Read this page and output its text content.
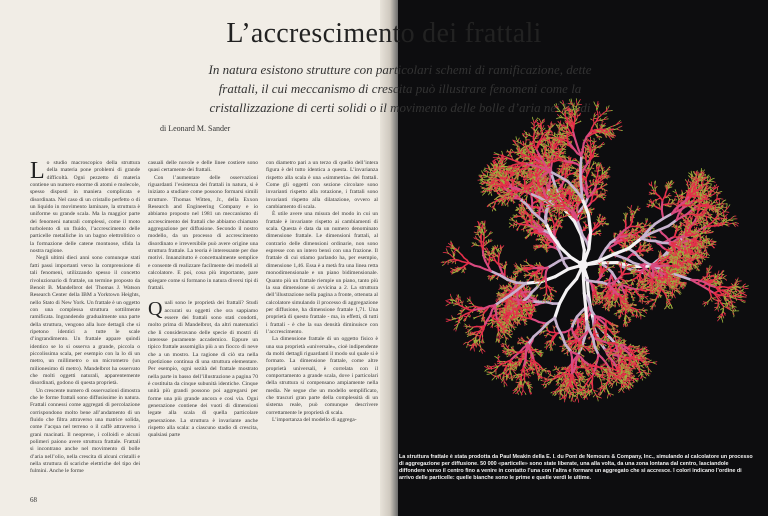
L’accrescimento dei frattali
In natura esistono strutture con particolari schemi di ramificazione, dette
frattali, il cui meccanismo di crescita può illustrare fenomeni come la
cristallizzazione di certi solidi o il movimento delle bolle d’aria nei fluidi
di Leonard M. Sander

Lo studio macroscopico della struttura della materia pone problemi di grande difficoltà. Ogni pezzetto di materia contiene un numero enorme di atomi e molecole, spesso disposti in maniera complicata e disordinata. Nel caso di un cristallo perfetto o di un liquido in movimento laminare, la struttura è uniforme su grande scala. Ma la maggior parte dei fenomeni naturali complessi, come il moto turbolento di un fluido, l’accrescimento delle particelle metalliche in un bagno elettrolitico o la formazione delle catene montuose, sfida la nostra ragione.

Negli ultimi dieci anni sono comunque stati fatti passi importanti verso la comprensione di tali fenomeni, utilizzando spesso il concetto rivoluzionario di frattale, un termine proposto da Benoit B. Mandelbrot del Thomas J. Watson Research Center della IBM a Yorktown Heights, nello Stato di New York. Un frattale è un oggetto con una complessa struttura sottilmente ramificata. Ingrandendo gradualmente una parte della struttura, vengono alla luce dettagli che si ripetono identici a tutte le scale d’ingrandimento. Un frattale appare quindi identico se lo si osserva a grande, piccola o piccolissima scala, per esempio con la lo di un metro, un millimetro o un micrometro (un milionesimo di metro). Mandelbrot ha osservato che molti oggetti naturali, apparentemente disordinati, godono di questa proprietà.

Un crescente numero di osservazioni dimostra che le forme frattali sono diffusissime in natura. Frattali connessi come aggregati di percolazione corrispondono molto bene all’andamento di un fluido che filtra attraverso una matrice solida, come l’acqua nel terreno o il caffè attraverso i grani macinati. Il neoprene, i colloidi e alcuni polimeri paiono avere struttura frattale. Frattali si incontrano anche nel movimento di bolle d’aria nell’olio, nella crescita di alcuni cristalli e nella struttura di scariche elettriche del tipo dei fulmini. Anche le forme

casuali delle nuvole e delle linee costiere sono quasi certamente dei frattali.

Con l’aumentare delle osservazioni riguardanti l’esistenza dei frattali in natura, si è iniziato a studiare come possono formarsi simili strutture. Thomas Witten, Jr., della Exxon Research and Engineering Company e io abbiamo proposto nel 1981 un meccanismo di accrescimento dei frattali che abbiamo chiamato aggregazione per diffusione. Secondo il nostro modello, da un processo di accrescimento disordinato e irreversibile può avere origine una struttura frattale. La teoria è interessante per due motivi. Innanzitutto è concettualmente semplice e consente di realizzare facilmente dei modelli al calcolatore. E poi, cosa più importante, pare spiegare come si formano in natura diversi tipi di frattali.

Quali sono le proprietà dei frattali? Studi accurati su oggetti che ora sappiamo essere dei frattali sono stati condotti, molto prima di Mandelbrot, da altri matematici che li consideravano delle specie di mostri di interesse puramente accademico. Eppure un tipico frattale assomiglia più a un fiocco di neve che a un mostro. La ragione di ciò sta nella ripetizione continua di una struttura elementare. Per esempio, ogni sezità del frattale mostrato nella parte in basso dell’illustrazione a pagina 70 è costituita da cinque subunità identiche. Cinque unità più grandi possono poi aggregarsi per forme una più grande ancora e così via. Ogni generazione contiene dei vuoti di dimensioni legate alla scala di quella particolare generazione. La struttura è invariante anche rispetto alla scala: a ciascuno stadio di crescita, qualsiasi parte

con diametro pari a un terzo di quello dell’intera figura è del tutto identica a questa. L’invarianza rispetto alla scala è una «simmetria» dei frattali. Come gli oggetti con sezione circolare sono invarianti rispetto alla rotazione, i frattali sono invarianti rispetto alla dilatazione, ovvero al cambiamento di scala.

È utile avere una misura del modo in cui un frattale è invariante rispetto ai cambiamenti di scala. Questa è data da un numero denominato dimensione frattale. Le dimensioni frattali, al contrario delle dimensioni ordinarie, non sono espresse con un intero bensì con una frazione. Il frattale di cui stiamo parlando ha, per esempio, dimensione 1,46. Essa è a metà fra una linea retta monodimensionale e un piano bidimensionale. Quanto più un frattale riempie un piano, tanto più la sua dimensione si avvicina a 2. La struttura dell’illustrazione nella pagina a fronte, ottenuta al calcolatore simulando il processo di aggregazione per diffusione, ha dimensione frattale 1,71. Una proprietà di questo frattale - ma, in effetti, di tutti i frattali - è che la sua densità diminuisce con l’accrescimento.

La dimensione frattale di un oggetto fisico è una sua proprietà «universale», cioè indipendente da molti dettagli riguardanti il modo sul quale si è formato. La dimensione frattale, come altre proprietà universali, è correlata con il comportamento a grande scala, dove i particolari della struttura si compensano ampiamente nella media. Ne segue che un modello semplificato, che trascuri gran parte della complessità di un sistema reale, può comunque descrivere correttamente le proprietà di scala.

L’importanza del modello di aggrega-

68
La struttura frattale è stata prodotta da Paul Meakin della E. I. du Pont de Nemours & Company, Inc., simulando al calcolatore un processo di aggregazione per diffusione. 50 000 «particelle» sono state liberate, una alla volta, da una zona lontana dal centro, lasciandole diffondere verso il centro fino a venire in contatto l’una con l’altra e formare un aggregato che si accresce. I colori indicano l’ordine di arrivo delle particelle: quelle bianche sono le prime e quelle verdi le ultime.
